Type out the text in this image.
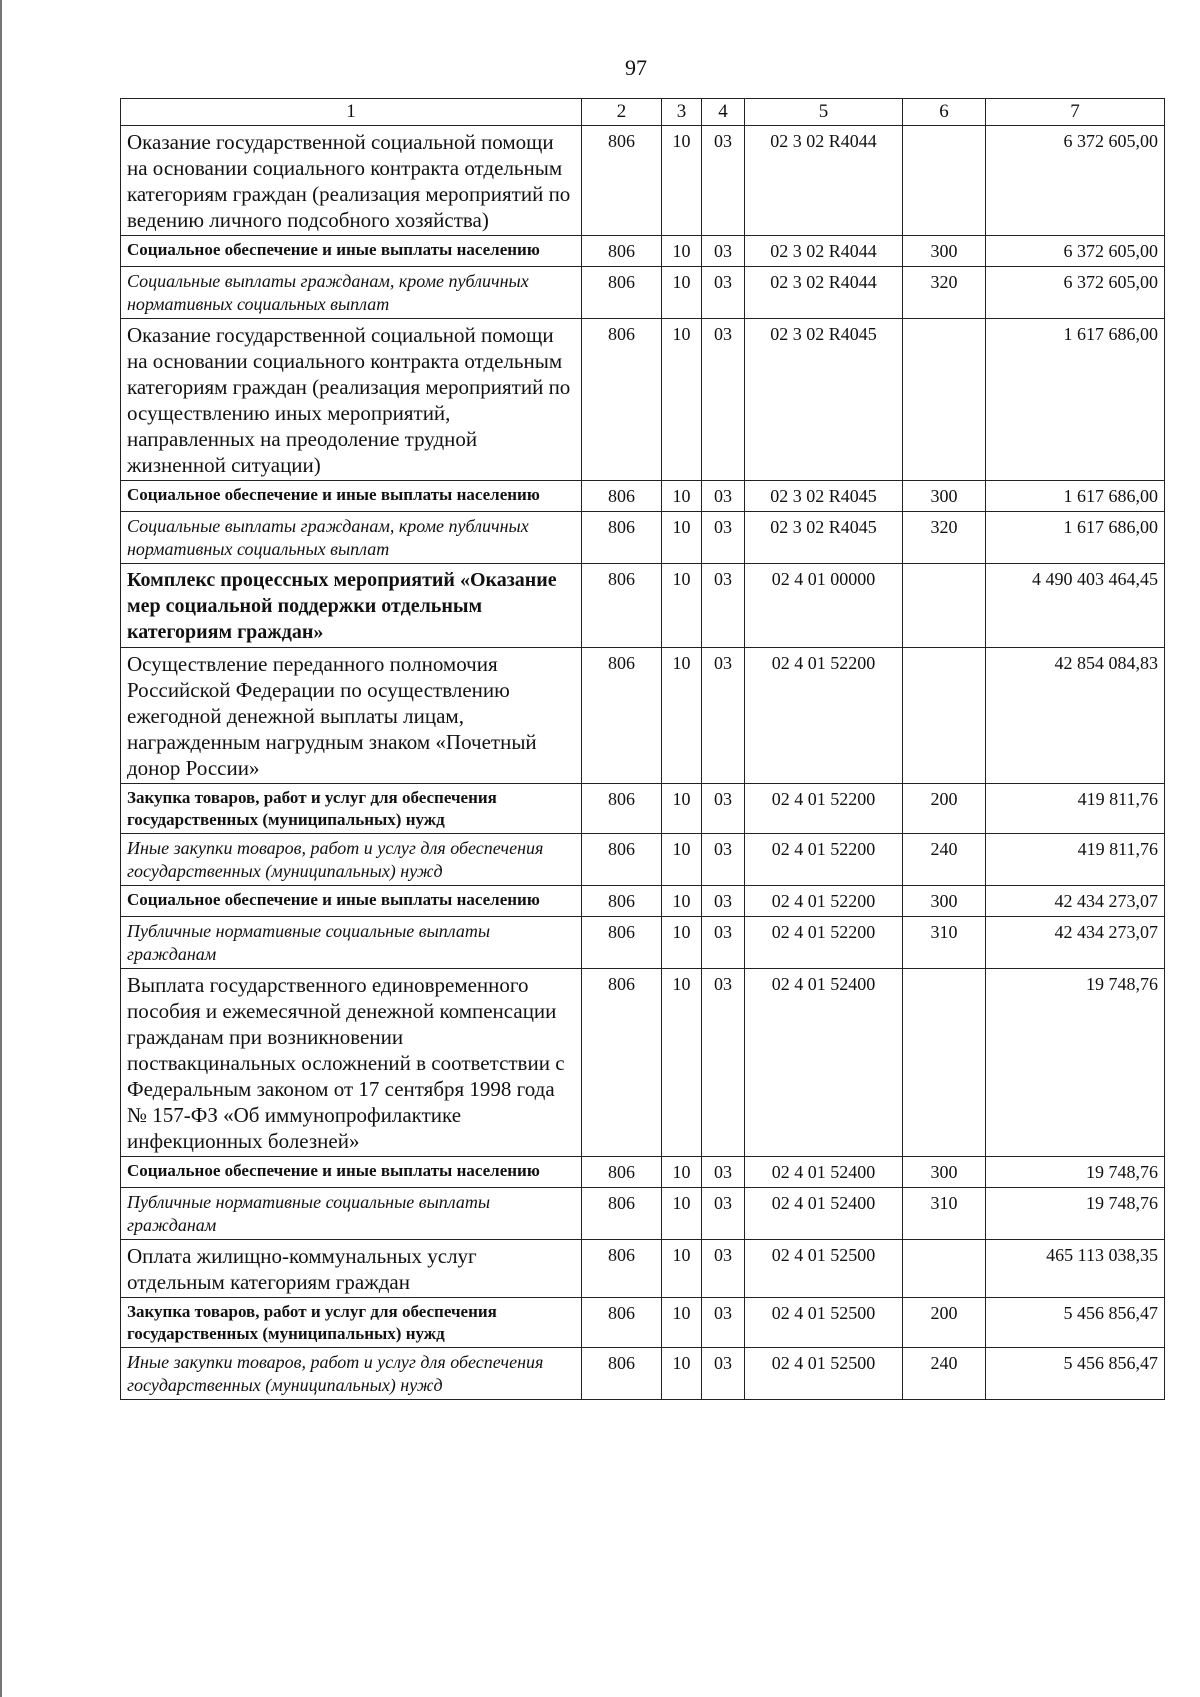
97
1	2	3	4	5	6	7
Оказание государственной социальной помощи на основании социального контракта отдельным категориям граждан (реализация мероприятий по ведению личного подсобного хозяйства)	806	10	03	02 3 02 R4044		6 372 605,00
Социальное обеспечение и иные выплаты населению	806	10	03	02 3 02 R4044	300	6 372 605,00
Социальные выплаты гражданам, кроме публичных нормативных социальных выплат	806	10	03	02 3 02 R4044	320	6 372 605,00
Оказание государственной социальной помощи на основании социального контракта отдельным категориям граждан (реализация мероприятий по осуществлению иных мероприятий, направленных на преодоление трудной жизненной ситуации)	806	10	03	02 3 02 R4045		1 617 686,00
Социальное обеспечение и иные выплаты населению	806	10	03	02 3 02 R4045	300	1 617 686,00
Социальные выплаты гражданам, кроме публичных нормативных социальных выплат	806	10	03	02 3 02 R4045	320	1 617 686,00
Комплекс процессных мероприятий «Оказание мер социальной поддержки отдельным категориям граждан»	806	10	03	02 4 01 00000		4 490 403 464,45
Осуществление переданного полномочия Российской Федерации по осуществлению ежегодной денежной выплаты лицам, награжденным нагрудным знаком «Почетный донор России»	806	10	03	02 4 01 52200		42 854 084,83
Закупка товаров, работ и услуг для обеспечения государственных (муниципальных) нужд	806	10	03	02 4 01 52200	200	419 811,76
Иные закупки товаров, работ и услуг для обеспечения государственных (муниципальных) нужд	806	10	03	02 4 01 52200	240	419 811,76
Социальное обеспечение и иные выплаты населению	806	10	03	02 4 01 52200	300	42 434 273,07
Публичные нормативные социальные выплаты гражданам	806	10	03	02 4 01 52200	310	42 434 273,07
Выплата государственного единовременного пособия и ежемесячной денежной компенсации гражданам при возникновении поствакцинальных осложнений в соответствии с Федеральным законом от 17 сентября 1998 года № 157-ФЗ «Об иммунопрофилактике инфекционных болезней»	806	10	03	02 4 01 52400		19 748,76
Социальное обеспечение и иные выплаты населению	806	10	03	02 4 01 52400	300	19 748,76
Публичные нормативные социальные выплаты гражданам	806	10	03	02 4 01 52400	310	19 748,76
Оплата жилищно-коммунальных услуг отдельным категориям граждан	806	10	03	02 4 01 52500		465 113 038,35
Закупка товаров, работ и услуг для обеспечения государственных (муниципальных) нужд	806	10	03	02 4 01 52500	200	5 456 856,47
Иные закупки товаров, работ и услуг для обеспечения государственных (муниципальных) нужд	806	10	03	02 4 01 52500	240	5 456 856,47
